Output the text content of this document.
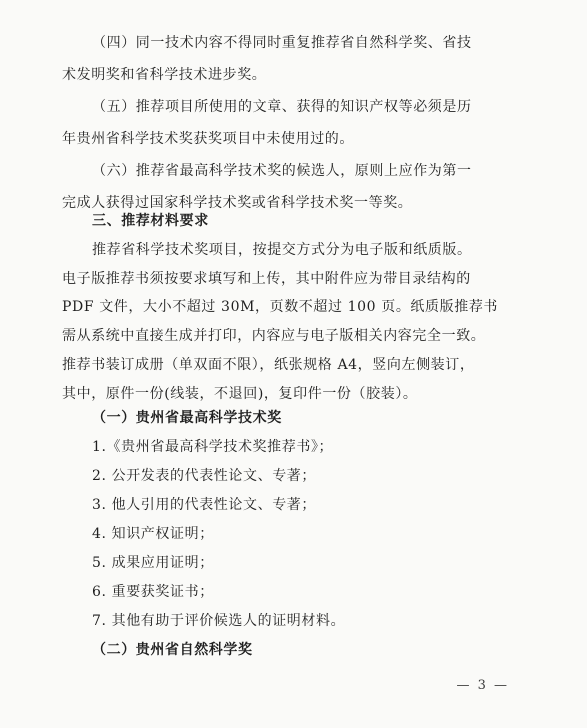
（四）同一技术内容不得同时重复推荐省自然科学奖、省技
术发明奖和省科学技术进步奖。
（五）推荐项目所使用的文章、获得的知识产权等必须是历
年贵州省科学技术奖获奖项目中未使用过的。
（六）推荐省最高科学技术奖的候选人，原则上应作为第一
完成人获得过国家科学技术奖或省科学技术奖一等奖。
三、推荐材料要求
推荐省科学技术奖项目，按提交方式分为电子版和纸质版。
电子版推荐书须按要求填写和上传，其中附件应为带目录结构的
PDF 文件，大小不超过 30M，页数不超过 100 页。纸质版推荐书
需从系统中直接生成并打印，内容应与电子版相关内容完全一致。
推荐书装订成册（单双面不限），纸张规格 A4，竖向左侧装订，
其中，原件一份(线装，不退回)，复印件一份（胶装）。
（一）贵州省最高科学技术奖
1.《贵州省最高科学技术奖推荐书》；
2. 公开发表的代表性论文、专著；
3. 他人引用的代表性论文、专著；
4. 知识产权证明；
5. 成果应用证明；
6. 重要获奖证书；
7. 其他有助于评价候选人的证明材料。
（二）贵州省自然科学奖
— 3 —
